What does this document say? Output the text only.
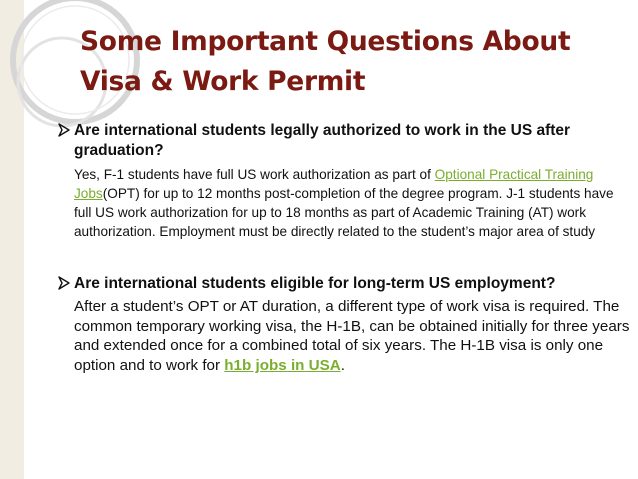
Some Important Questions About
Visa & Work Permit

Are international students legally authorized to work in the US after graduation?

Yes, F-1 students have full US work authorization as part of Optional Practical Training Jobs(OPT) for up to 12 months post-completion of the degree program. J-1 students have full US work authorization for up to 18 months as part of Academic Training (AT) work authorization. Employment must be directly related to the student’s major area of study

Are international students eligible for long-term US employment?

After a student’s OPT or AT duration, a different type of work visa is required. The common temporary working visa, the H-1B, can be obtained initially for three years and extended once for a combined total of six years. The H-1B visa is only one option and to work for h1b jobs in USA.
